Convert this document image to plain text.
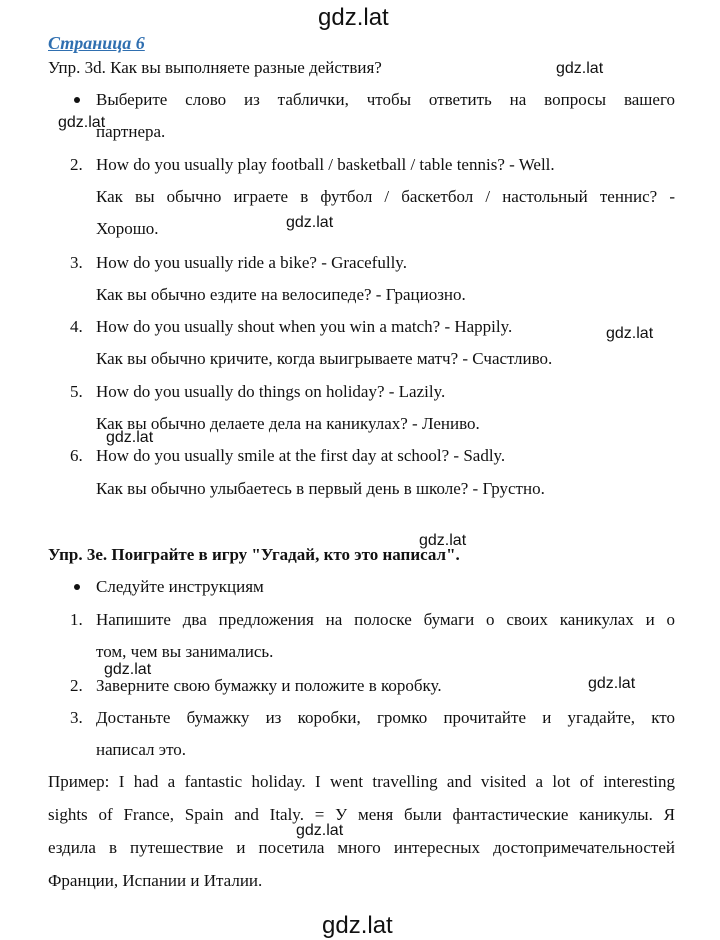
gdz.lat
gdz.lat
gdz.lat
gdz.lat
gdz.lat
gdz.lat
gdz.lat
gdz.lat
gdz.lat
gdz.lat
gdz.lat
Страница 6
Упр. 3d. Как вы выполняете разные действия?
Выберите слово из таблички, чтобы ответить на вопросы вашего
партнера.
2. How do you usually play football / basketball / table tennis? - Well.
Как вы обычно играете в футбол / баскетбол / настольный теннис? -
Хорошо.
3. How do you usually ride a bike? - Gracefully.
Как вы обычно ездите на велосипеде? - Грациозно.
4. How do you usually shout when you win a match? - Happily.
Как вы обычно кричите, когда выигрываете матч? - Счастливо.
5. How do you usually do things on holiday? - Lazily.
Как вы обычно делаете дела на каникулах? - Лениво.
6. How do you usually smile at the first day at school? - Sadly.
Как вы обычно улыбаетесь в первый день в школе? - Грустно.
Упр. 3e. Поиграйте в игру "Угадай, кто это написал".
Следуйте инструкциям
1. Напишите два предложения на полоске бумаги о своих каникулах и о
том, чем вы занимались.
2. Заверните свою бумажку и положите в коробку.
3. Достаньте бумажку из коробки, громко прочитайте и угадайте, кто
написал это.
Пример: I had a fantastic holiday. I went travelling and visited a lot of interesting
sights of France, Spain and Italy. = У меня были фантастические каникулы. Я
ездила в путешествие и посетила много интересных достопримечательностей
Франции, Испании и Италии.
